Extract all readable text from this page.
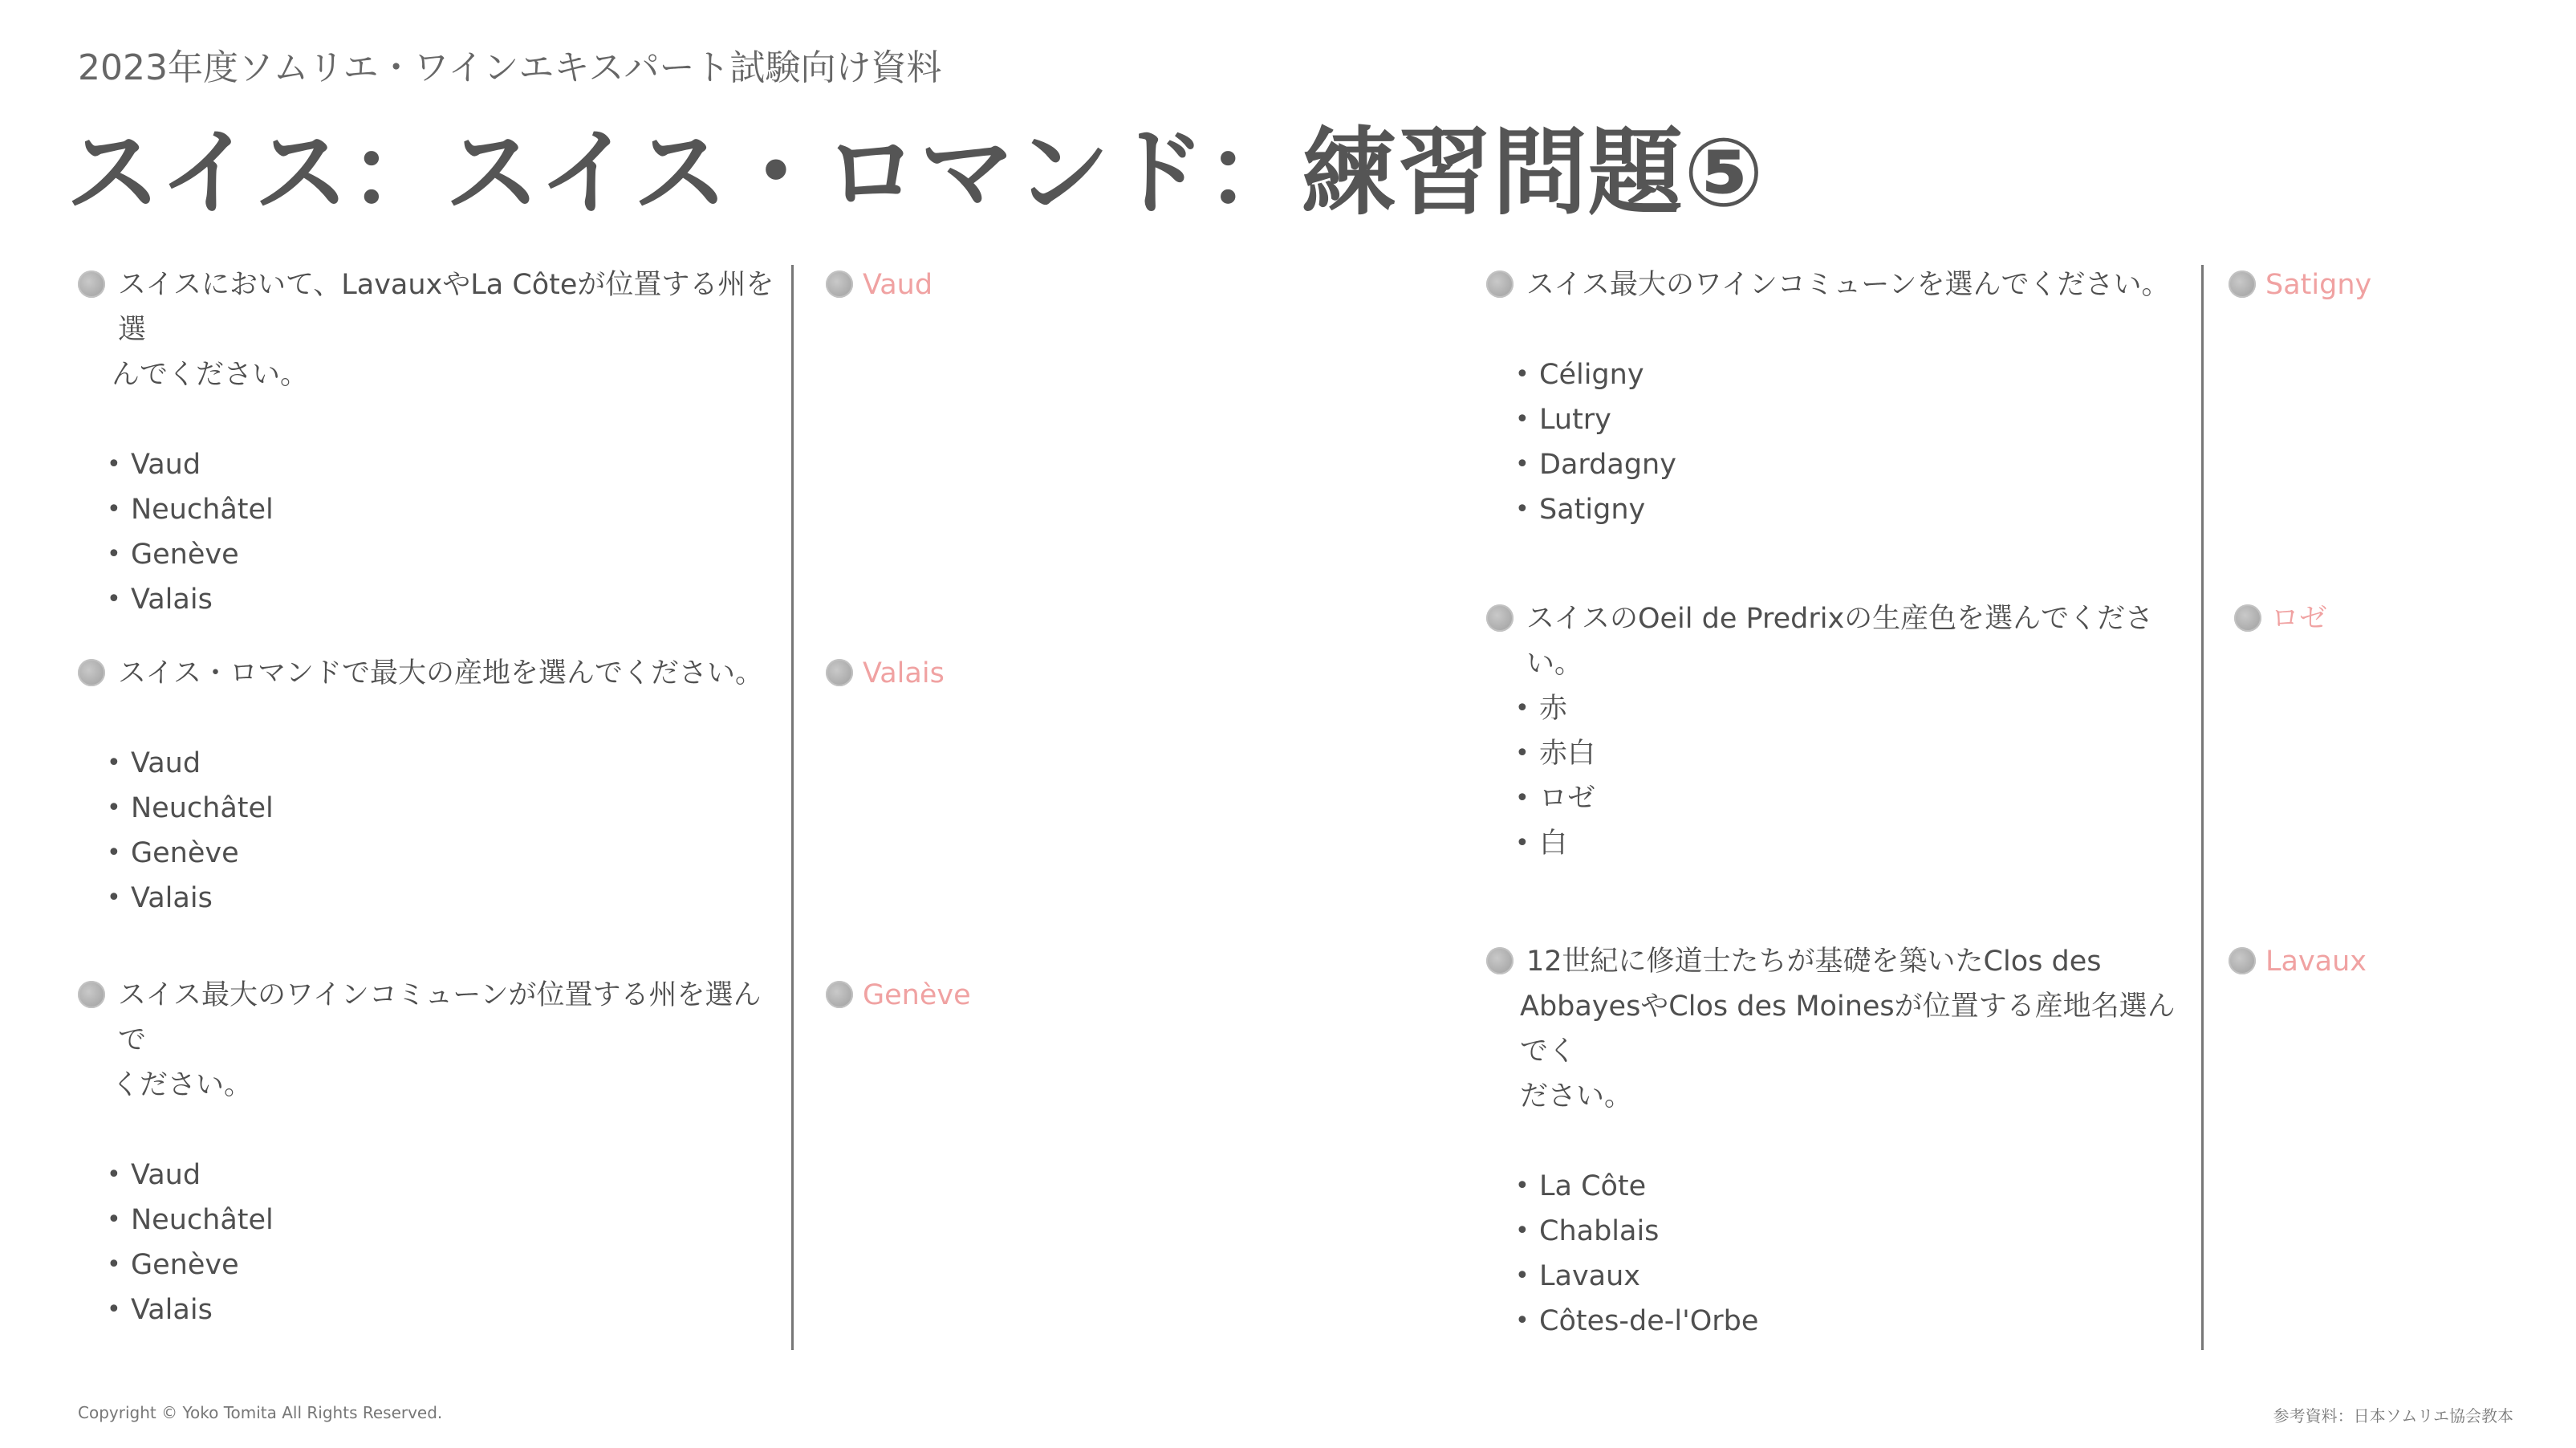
2023年度ソムリエ・ワインエキスパート試験向け資料
スイス：スイス・ロマンド：練習問題⑤
スイスにおいて、LavauxやLa Côteが位置する州を選
んでください。
• Vaud
• Neuchâtel
• Genève
• Valais
Vaud
スイス・ロマンドで最大の産地を選んでください。
• Vaud
• Neuchâtel
• Genève
• Valais
Valais
スイス最大のワインコミューンが位置する州を選んで
ください。
• Vaud
• Neuchâtel
• Genève
• Valais
Genève
スイス最大のワインコミューンを選んでください。
• Céligny
• Lutry
• Dardagny
• Satigny
Satigny
スイスのOeil de Predrixの生産色を選んでください。
• 赤
• 赤白
• ロゼ
• 白
ロゼ
12世紀に修道士たちが基礎を築いたClos des
AbbayesやClos des Moinesが位置する産地名選んでく
ださい。
• La Côte
• Chablais
• Lavaux
• Côtes-de-l'Orbe
Lavaux
Copyright © Yoko Tomita All Rights Reserved.	参考資料：日本ソムリエ協会教本
